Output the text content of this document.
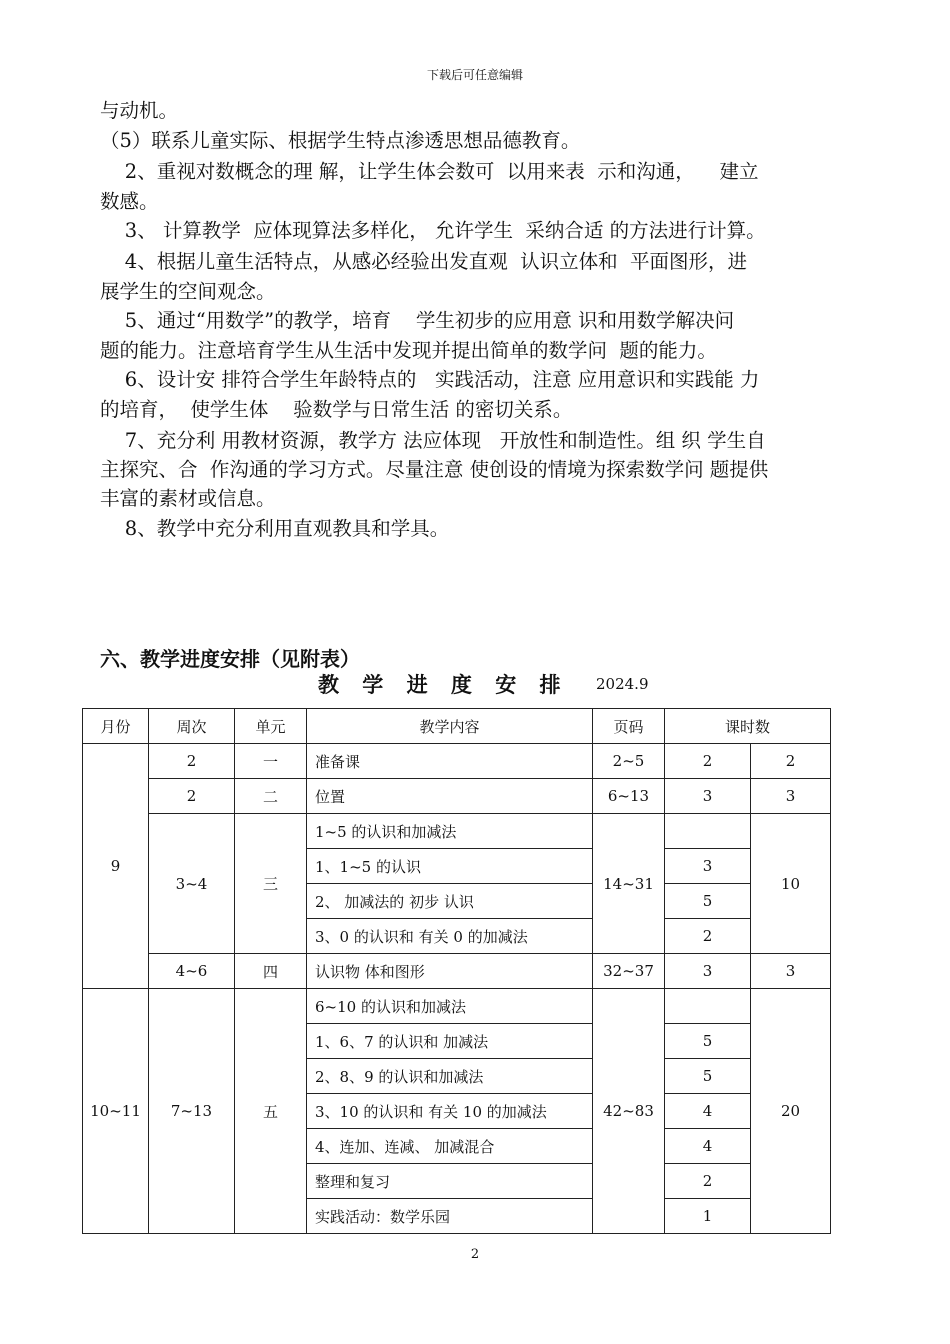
下载后可任意编辑
与动机。
（5）联系儿童实际、根据学生特点渗透思想品德教育。
2、重视对数概念的理 解，让学生体会数可  以用来表  示和沟通，    建立
数感。
3、 计算教学  应体现算法多样化， 允许学生  采纳合适 的方法进行计算。
4、根据儿童生活特点，从感必经验出发直观  认识立体和  平面图形，进
展学生的空间观念。
5、通过“用数学”的教学，培育    学生初步的应用意 识和用数学解决问
题的能力。注意培育学生从生活中发现并提出简单的数学问  题的能力。
6、设计安 排符合学生年龄特点的   实践活动，注意 应用意识和实践能 力
的培育，  使学生体    验数学与日常生活 的密切关系。
7、充分利 用教材资源，教学方 法应体现   开放性和制造性。组 织 学生自
主探究、合  作沟通的学习方式。尽量注意 使创设的情境为探索数学问 题提供
丰富的素材或信息。
8、教学中充分利用直观教具和学具。
六、教学进度安排（见附表）
教 学 进 度 安 排 2024.9
月份	周次	单元	教学内容	页码	课时数	
9	2	一	准备课	2~5	2	2
	2	二	位置	6~13	3	3
	3~4	三	1~5 的认识和加减法	14~31		10
			1、1~5 的认识		3	
			2、 加减法的 初步 认识		5	
			3、0 的认识和 有关 0 的加减法		2	
	4~6	四	认识物 体和图形	32~37	3	3
10~11	7~13	五	6~10 的认识和加减法	42~83		20
			1、6、7 的认识和 加减法		5	
			2、8、9 的认识和加减法		5	
			3、10 的认识和 有关 10 的加减法		4	
			4、连加、连减、 加减混合		4	
			整理和复习		2	
			实践活动：数学乐园		1	
2
